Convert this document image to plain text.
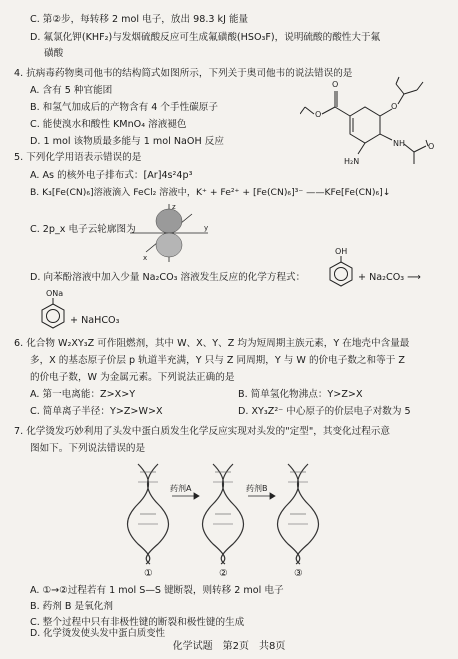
C. 第②步，每转移 2 mol 电子，放出 98.3 kJ 能量
D. 氟氯化钾(KHF₂)与发烟硫酸反应可生成氟磺酸(HSO₃F)，说明硫酸的酸性大于氟
磺酸
4. 抗病毒药物奥司他韦的结构简式如图所示，下列关于奥司他韦的说法错误的是
A. 含有 5 种官能团
B. 和氢气加成后的产物含有 4 个手性碳原子
C. 能使溴水和酸性 KMnO₄ 溶液褪色
D. 1 mol 该物质最多能与 1 mol NaOH 反应
O
O
O
NH	O
H₂N
5. 下列化学用语表示错误的是
A. As 的核外电子排布式：[Ar]4s²4p³
B. K₃[Fe(CN)₆]溶液滴入 FeCl₂ 溶液中，K⁺ + Fe²⁺ + [Fe(CN)₆]³⁻ ——KFe[Fe(CN)₆]↓
C. 2p_x 电子云轮廓图为
x
y
z
D. 向苯酚溶液中加入少量 Na₂CO₃ 溶液发生反应的化学方程式：
OH
+ Na₂CO₃ ⟶
ONa
+ NaHCO₃
6. 化合物 W₂XY₃Z 可作阻燃剂，其中 W、X、Y、Z 均为短周期主族元素，Y 在地壳中含量最
多，X 的基态原子价层 p 轨道半充满，Y 只与 Z 同周期，Y 与 W 的价电子数之和等于 Z
的价电子数，W 为金属元素。下列说法正确的是
A. 第一电离能：Z>X>Y	B. 简单氢化物沸点：Y>Z>X
C. 简单离子半径：Y>Z>W>X	D. XY₃Z²⁻ 中心原子的价层电子对数为 5
7. 化学烫发巧妙利用了头发中蛋白质发生化学反应实现对头发的"定型"，其变化过程示意
图如下。下列说法错误的是
药剂A	药剂B
①	②	③
A. ①→②过程若有 1 mol S—S 键断裂，则转移 2 mol 电子
B. 药剂 B 是氧化剂
C. 整个过程中只有非极性键的断裂和极性键的生成
化学试题　第2页　共8页
D. 化学烫发使头发中蛋白质变性
